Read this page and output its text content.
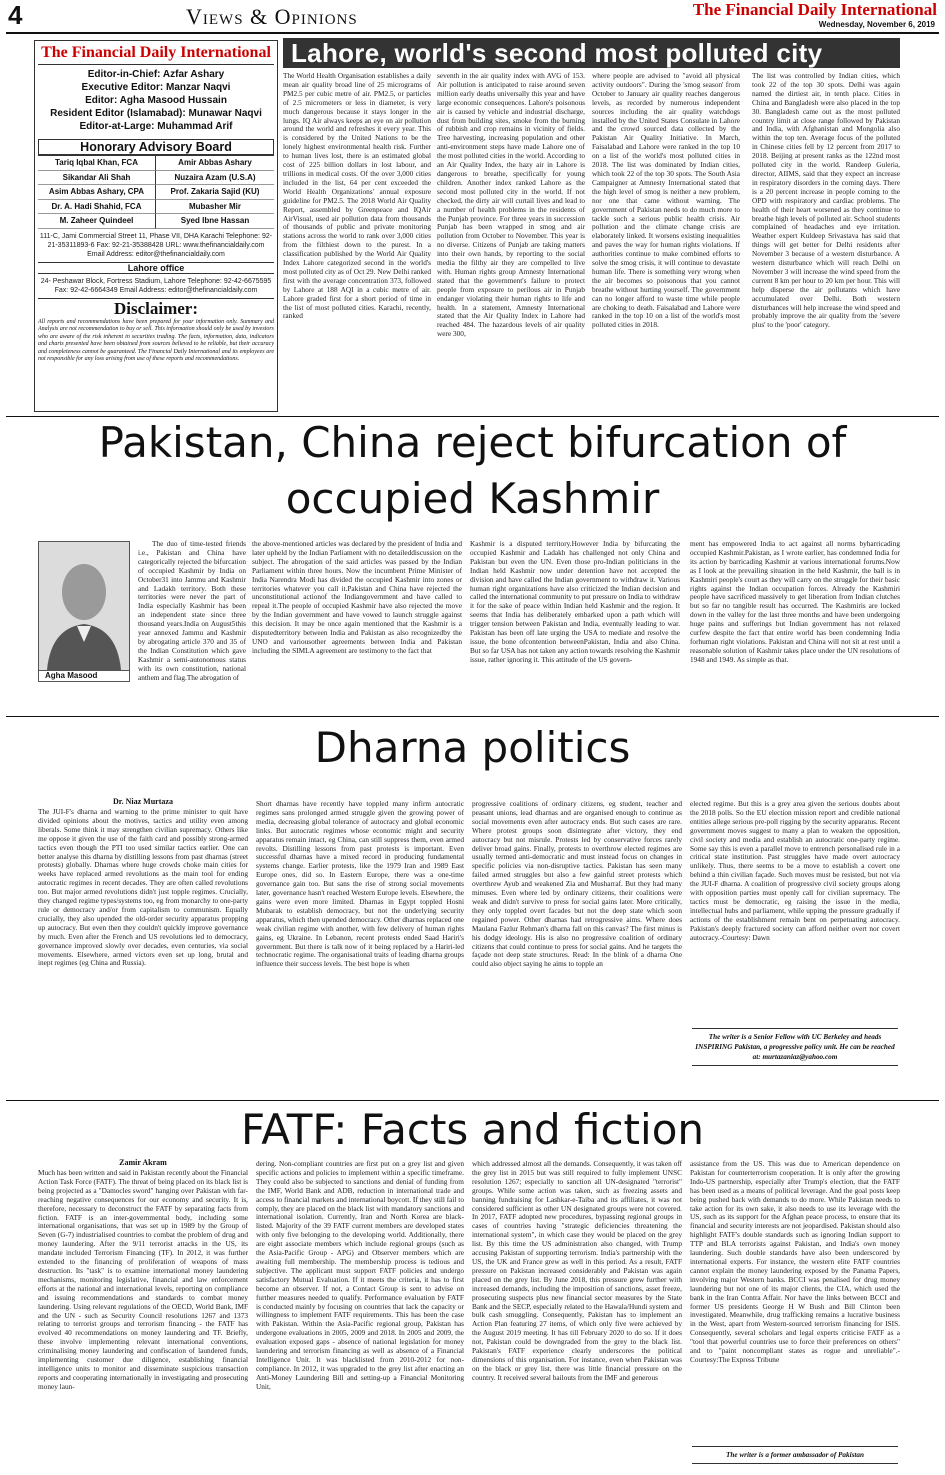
4	Views & Opinions	The Financial Daily International
Wednesday, November 6, 2019
The Financial Daily International
Editor-in-Chief: Azfar Ashary
Executive Editor: Manzar Naqvi
Editor: Agha Masood Hussain
Resident Editor (Islamabad): Munawar Naqvi
Editor-at-Large: Muhammad Arif
Honorary Advisory Board
Tariq Iqbal Khan, FCA	Amir Abbas Ashary
Sikandar Ali Shah	Nuzaira Azam (U.S.A)
Asim Abbas Ashary, CPA	Prof. Zakaria Sajid (KU)
Dr. A. Hadi Shahid, FCA	Mubasher Mir
M. Zaheer Quindeel	Syed Ibne Hassan
111-C, Jami Commercial Street 11, Phase VII, DHA Karachi Telephone: 92-21-35311893-6 Fax: 92-21-35388428 URL: www.thefinancialdaily.com Email Address: editor@thefinancialdaily.com
Lahore office
24- Peshawar Block, Fortress Stadium, Lahore Telephone: 92-42-6675595 Fax: 92-42-6664349 Email Address: editor@thefinancialdaily.com
Disclaimer:
All reports and recommendations have been prepared for your information only. Summary and Analysis are not recommendation to buy or sell. This information should only be used by investors who are aware of the risk inherent in securities trading. The facts, information, data, indicators and charts presented have been obtained from sources believed to be reliable, but their accuracy and completeness cannot be guaranteed. The Financial Daily International and its employees are not responsible for any loss arising from use of these reports and recommendations.
Lahore, world's second most polluted city
The World Health Organisation establishes a daily mean air quality broad line of 25 micrograms of PM2.5 per cubic metre of air. PM2.5, or particles of 2.5 micrometers or less in diameter, is very much dangerous because it stays longer in the lungs. IQ Air always keeps an eye on air pollution around the world and refreshes it every year. This is considered by the United Nations to be the lonely highest environmental health risk. Further to human lives lost, there is an estimated global cost of 225 billion dollars in lost labour, and trillions in medical costs. Of the over 3,000 cities included in the list, 64 per cent exceeded the World Health Organizations' annual exposure guideline for PM2.5. The 2018 World Air Quality Report, assembled by Greenpeace and IQAir AirVisual, used air pollution data from thousands of thousands of public and private monitoring stations across the world to rank over 3,000 cities from the filthiest down to the purest. In a classification published by the World Air Quality Index Lahore categorized second in the world's most polluted city as of Oct 29. New Delhi ranked first with the average concentration 373, followed by Lahore at 188 AQI in a cubic metre of air. Lahore graded first for a short period of time in the list of most polluted cities. Karachi, recently, ranked
seventh in the air quality index with AVG of 153. Air pollution is anticipated to raise around seven million early deaths universally this year and have large economic consequences. Lahore's poisonous air is caused by vehicle and industrial discharge, dust from building sites, smoke from the burning of rubbish and crop remains in vicinity of fields. Tree harvesting, increasing population and other anti-environment steps have made Lahore one of the most polluted cities in the world. According to an Air Quality Index, the hazy air in Lahore is dangerous to breathe, specifically for young children. Another index ranked Lahore as the second most polluted city in the world. If not checked, the dirty air will curtail lives and lead to a number of health problems in the residents of the Punjab province. For three years in succession Punjab has been wrapped in smog and air pollution from October to November. This year is no diverse. Citizens of Punjab are taking matters into their own hands, by reporting to the social media the filthy air they are compelled to live with. Human rights group Amnesty International stated that the government's failure to protect people from exposure to perilous air in Punjab endanger violating their human rights to life and health. In a statement, Amnesty International stated that the Air Quality Index in Lahore had reached 484. The hazardous levels of air quality were 300,
where people are advised to "avoid all physical activity outdoors". During the 'smog season' from October to January air quality reaches dangerous levels, as recorded by numerous independent sources including the air quality watchdogs installed by the United States Consulate in Lahore and the crowd sourced data collected by the Pakistan Air Quality Initiative. In March, Faisalabad and Lahore were ranked in the top 10 on a list of the world's most polluted cities in 2018. The list was dominated by Indian cities, which took 22 of the top 30 spots. The South Asia Campaigner at Amnesty International stated that the high level of smog is neither a new problem, nor one that came without warning. The government of Pakistan needs to do much more to tackle such a serious public health crisis. Air pollution and the climate change crisis are elaborately linked. It worsens existing inequalities and paves the way for human rights violations. If authorities continue to make combined efforts to solve the smog crisis, it will continue to devastate human life. There is something very wrong when the air becomes so poisonous that you cannot breathe without hurting yourself. The government can no longer afford to waste time while people are choking to death. Faisalabad and Lahore were ranked in the top 10 on a list of the world's most polluted cities in 2018.
The list was controlled by Indian cities, which took 22 of the top 30 spots. Delhi was again named the dirtiest air, in tenth place. Cities in China and Bangladesh were also placed in the top 30. Bangladesh came out as the most polluted country limit at close range followed by Pakistan and India, with Afghanistan and Mongolia also within the top ten. Average focus of the polluted in Chinese cities fell by 12 percent from 2017 to 2018. Beijing at present ranks as the 122nd most polluted city in the world. Randeep Guleria, director, AIIMS, said that they expect an increase in respiratory disorders in the coming days. There is a 20 percent increase in people coming to the OPD with respiratory and cardiac problems. The health of their heart worsened as they continue to breathe high levels of polluted air. School students complained of headaches and eye irritation. Weather expert Kuldeep Srivastava has said that things will get better for Delhi residents after November 3 because of a western disturbance. A western disturbance which will reach Delhi on November 3 will increase the wind speed from the current 8 km per hour to 20 km per hour. This will help disperse the air pollutants which have accumulated over Delhi. Both western disturbances will help increase the wind speed and probably improve the air quality from the 'severe plus' to the 'poor' category.
Pakistan, China reject bifurcation of
occupied Kashmir
Agha Masood
The duo of time-tested friends i.e., Pakistan and China have categorically rejected the bifurcation of occupied Kashmir by India on October31 into Jammu and Kashmir and Ladakh territory. Both these territories were never the part of India especially Kashmir has been an independent state since three thousand years.India on August5this year annexed Jammu and Kashmir by abrogating article 370 and 35 of the Indian Constitution which gave Kashmir a semi-autonomous status with its own constitution, national anthem and flag.The abrogation of
the above-mentioned articles was declared by the president of India and later upheld by the Indian Parliament with no detaileddiscussion on the subject. The abrogation of the said articles was passed by the Indian Parliament within three hours. Now the incumbent Prime Minister of India Narendra Modi has divided the occupied Kashmir into zones or territories whatever you call it.Pakistan and China have rejected the unconstitutional actionof the Indiangovernment and have called to repeal it.The people of occupied Kashmir have also rejected the move by the Indian government and have vowed to launch struggle against this decision. It may be once again mentioned that the Kashmir is a disputedterritory between India and Pakistan as also recognizedby the UNO and variousother agreements between India and Pakistan including the SIMLA agreement are testimony to the fact that
Kashmir is a disputed territory.However India by bifurcating the occupied Kashmir and Ladakh has challenged not only China and Pakistan but even the UN. Even those pro-Indian politicians in the Indian held Kashmir now under detention have not accepted the division and have called the Indian government to withdraw it. Various human right organizations have also criticized the Indian decision and called the international community to put pressure on India to withdraw it for the sake of peace within Indian held Kashmir and the region. It seems that India has deliberately embarked upon a path which will trigger tension between Pakistan and India, eventually leading to war. Pakistan has been off late urging the USA to mediate and resolve the issue, the bone ofcontention betweenPakistan, India and also China. But so far USA has not taken any action towards resolving the Kashmir issue, rather ignoring it. This attitude of the US govern-
ment has empowered India to act against all norms byharricading occupied Kashmir.Pakistan, as I wrote earlier, has condemned India for its action by barricading Kashmir at various international forums.Now as I look at the prevailing situation in the held Kashmir, the ball is in Kashmiri people's court as they will carry on the struggle for their basic rights against the Indian occupation forces. Already the Kashmiri people have sacrificed massively to get liberation from Indian clutches but so far no tangible result has occurred. The Kashmiris are locked down in the valley for the last three months and have been undergoing huge pains and sufferings but Indian government has not relaxed curfew despite the fact that entire world has been condemning India forhuman right violations. Pakistan and China will not sit at rest until a reasonable solution of Kashmir takes place under the UN resolutions of 1948 and 1949. As simple as that.
Dharna politics
Dr. Niaz Murtaza
The JUI-F's dharna and warning to the prime minister to quit have divided opinions about the motives, tactics and utility even among liberals. Some think it may strengthen civilian supremacy. Others like me oppose it given the use of the faith card and possibly strong-armed tactics even though the PTI too used similar tactics earlier. One can better analyse this dharna by distilling lessons from past dharnas (street protests) globally. Dharnas where huge crowds choke main cities for weeks have replaced armed revolutions as the main tool for ending autocratic regimes in recent decades. They are often called revolutions too. But major armed revolutions didn't just topple regimes. Crucially, they changed regime types/systems too, eg from monarchy to one-party rule or democracy and/or from capitalism to communism. Equally crucially, they also upended the old-order security apparatus propping up autocracy. But even then they couldn't quickly improve governance by much. Even after the French and US revolutions led to democracy, governance improved slowly over decades, even centuries, via social movements. Elsewhere, armed victors even set up long, brutal and inept regimes (eg China and Russia).
Short dharnas have recently have toppled many infirm autocratic regimes sans prolonged armed struggle given the growing power of media, decreasing global tolerance of autocracy and global economic links. But autocratic regimes whose economic might and security apparatus remain intact, eg China, can still suppress them, even armed revolts. Distilling lessons from past protests is important. Even successful dharnas have a mixed record in producing fundamental systems change. Earlier protests, like the 1979 Iran and 1989 East Europe ones, did so. In Eastern Europe, there was a one-time governance gain too. But sans the rise of strong social movements later, governance hasn't reached Western Europe levels. Elsewhere, the gains were even more limited. Dharnas in Egypt toppled Hosni Mubarak to establish democracy, but not the underlying security apparatus, which then upended democracy. Other dharnas replaced one weak civilian regime with another, with few delivery of human rights gains, eg Ukraine. In Lebanon, recent protests ended Saad Hariri's government. But there is talk now of it being replaced by a Hariri-led technocratic regime. The organisational traits of leading dharna groups influence their success levels. The best hope is when
progressive coalitions of ordinary citizens, eg student, teacher and peasant unions, lead dharnas and are organised enough to continue as social movements even after autocracy ends. But such cases are rare. Where protest groups soon disintegrate after victory, they end autocracy but not misrule. Protests led by conservative forces rarely deliver broad gains. Finally, protests to overthrow elected regimes are usually termed anti-democratic and must instead focus on changes in specific policies via non-disruptive tactics. Pakistan has seen many failed armed struggles but also a few gainful street protests which overthrew Ayub and weakened Zia and Musharraf. But they had many minuses. Even where led by ordinary citizens, their coalitions were weak and didn't survive to press for social gains later. More critically, they only toppled overt facades but not the deep state which soon regained power. Other dharnas had retrogressive aims. Where does Maulana Fazlur Rehman's dharna fall on this canvas? The first minus is his dodgy ideology. His is also no progressive coalition of ordinary citizens that could continue to press for social gains. And he targets the façade not deep state structures. Read: In the blink of a dharna One could also object saying he aims to topple an
elected regime. But this is a grey area given the serious doubts about the 2018 polls. So the EU election mission report and credible national entities allege serious pre-poll rigging by the security apparatus. Recent government moves suggest to many a plan to weaken the opposition, civil society and media and establish an autocratic one-party regime. Some say this is even a parallel move to entrench personalised rule in a critical state institution. Past struggles have made overt autocracy unlikely. Thus, there seems to be a move to establish a covert one behind a thin civilian façade. Such moves must be resisted, but not via the JUI-F dharna. A coalition of progressive civil society groups along with opposition parties must openly call for civilian supremacy. The tactics must be democratic, eg raising the issue in the media, intellectual hubs and parliament, while upping the pressure gradually if actions of the establishment remain bent on perpetuating autocracy. Pakistan's deeply fractured society can afford neither overt nor covert autocracy.-Courtesy: Dawn
The writer is a Senior Fellow with UC Berkeley and heads INSPIRING Pakistan, a progressive policy unit. He can be reached at: murtazaniaz@yahoo.com
FATF: Facts and fiction
Zamir Akram
Much has been written and said in Pakistan recently about the Financial Action Task Force (FATF). The threat of being placed on its black list is being projected as a "Damocles sword" hanging over Pakistan with far-reaching negative consequences for our economy and security. It is, therefore, necessary to deconstruct the FATF by separating facts from fiction. FATF is an inter-governmental body, including some international organisations, that was set up in 1989 by the Group of Seven (G-7) industrialised countries to combat the problem of drug and money laundering. After the 9/11 terrorist attacks in the US, its mandate included Terrorism Financing (TF). In 2012, it was further extended to the financing of proliferation of weapons of mass destruction. Its "task" is to examine international money laundering mechanisms, monitoring legislative, financial and law enforcement efforts at the national and international levels, reporting on compliance and issuing recommendations and standards to combat money laundering. Using relevant regulations of the OECD, World Bank, IMF and the UN - such as Security Council resolutions 1267 and 1373 relating to terrorist groups and terrorism financing - the FATF has evolved 40 recommendations on money laundering and TF. Briefly, these involve implementing relevant international conventions, criminalising money laundering and confiscation of laundered funds, implementing customer due diligence, establishing financial intelligence units to monitor and disseminate suspicious transaction reports and cooperating internationally in investigating and prosecuting money laun-
dering. Non-compliant countries are first put on a grey list and given specific actions and policies to implement within a specific timeframe. They could also be subjected to sanctions and denial of funding from the IMF, World Bank and ADB, reduction in international trade and access to financial markets and international boycott. If they still fail to comply, they are placed on the black list with mandatory sanctions and international isolation. Currently, Iran and North Korea are black-listed. Majority of the 39 FATF current members are developed states with only five belonging to the developing world. Additionally, there are eight associate members which include regional groups (such as the Asia-Pacific Group - APG) and Observer members which are awaiting full membership. The membership process is tedious and subjective. The applicant must support FATF policies and undergo satisfactory Mutual Evaluation. If it meets the criteria, it has to first become an observer. If not, a Contact Group is sent to advise on further measures needed to qualify. Performance evaluation by FATF is conducted mainly by focusing on countries that lack the capacity or willingness to implement FATF requirements. This has been the case with Pakistan. Within the Asia-Pacific regional group, Pakistan has undergone evaluations in 2005, 2009 and 2018. In 2005 and 2009, the evaluation exposed gaps - absence of national legislation for money laundering and terrorism financing as well as absence of a Financial Intelligence Unit. It was blacklisted from 2010-2012 for non-compliance. In 2012, it was upgraded to the grey list after enacting an Anti-Money Laundering Bill and setting-up a Financial Monitoring Unit,
which addressed almost all the demands. Consequently, it was taken off the grey list in 2015 but was still required to fully implement UNSC resolution 1267; especially to sanction all UN-designated "terrorist" groups. While some action was taken, such as freezing assets and banning fundraising for Lashkar-e-Taiba and its affiliates, it was not considered sufficient as other UN designated groups were not covered. In 2017, FATF adopted new procedures, bypassing regional groups in cases of countries having "strategic deficiencies threatening the international system", in which case they would be placed on the grey list. By this time the US administration also changed, with Trump accusing Pakistan of supporting terrorism. India's partnership with the US, the UK and France grew as well in this period. As a result, FATF pressure on Pakistan increased considerably and Pakistan was again placed on the grey list. By June 2018, this pressure grew further with increased demands, including the imposition of sanctions, asset freeze, prosecuting suspects plus new financial sector measures by the State Bank and the SECP, especially related to the Hawala/Hundi system and bulk cash smuggling. Consequently, Pakistan has to implement an Action Plan featuring 27 items, of which only five were achieved by the August 2019 meeting. It has till February 2020 to do so. If it does not, Pakistan could be downgraded from the grey to the black list. Pakistan's FATF experience clearly underscores the political dimensions of this organisation. For instance, even when Pakistan was on the black or grey list, there was little financial pressure on the country. It received several bailouts from the IMF and generous
assistance from the US. This was due to American dependence on Pakistan for counterterrorism cooperation. It is only after the growing Indo-US partnership, especially after Trump's election, that the FATF has been used as a means of political leverage. And the goal posts keep being pushed back with demands to do more. While Pakistan needs to take action for its own sake, it also needs to use its leverage with the US, such as its support for the Afghan peace process, to ensure that its financial and security interests are not jeopardised. Pakistan should also highlight FATF's double standards such as ignoring Indian support to TTP and BLA terrorists against Pakistan, and India's own money laundering. Such double standards have also been underscored by international experts. For instance, the western elite FATF countries cannot explain the money laundering exposed by the Panama Papers, involving major Western banks. BCCI was penalised for drug money laundering but not one of its major clients, the CIA, which used the bank in the Iran Contra Affair. Nor have the links between BCCI and former US presidents George H W Bush and Bill Clinton been investigated. Meanwhile, drug trafficking remains a lucrative business in the West, apart from Western-sourced terrorism financing for ISIS. Consequently, several scholars and legal experts criticise FATF as a "tool that powerful countries use to force their preferences on others" and to "paint noncompliant states as rogue and unreliable".-Courtesy:The Express Tribune
The writer is a former ambassador of Pakistan
